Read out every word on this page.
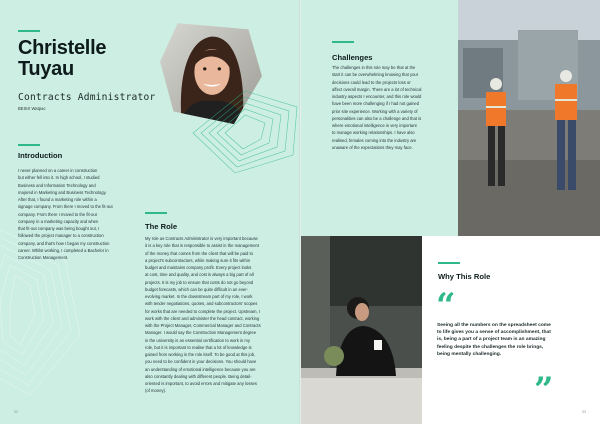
Christelle
Tuyau
Contracts Administrator
BESIX Watpac
Introduction
I never planned on a career in construction
but either fell into it. In high school, I studied
Business and Information Technology and
majored in Marketing and Business Technology.
After that, I found a marketing role within a
signage company. From there I moved to the fit-out
company. From there I moved to the fit-out
company in a marketing capacity and when
that fit-out company was being bought out, I
followed the project manager to a construction
company, and that's how I began my construction
career. Whilst working, I completed a Bachelor in
Construction Management.
The Role
My role as Contracts Administrator is very important because
it is a key role that is responsible to assist in the management
of the money that comes from the client that will be paid to
a project's subcontractors, while making sure it fits within
budget and maintains company profit. Every project looks
at cost, time and quality, and cost is always a big part of all
projects. It is my job to ensure that costs do not go beyond
budget forecasts, which can be quite difficult in an ever-
evolving market. In the downstream part of my role, I work
with tender negotiations, quotes, and subcontractors' scopes
for works that are needed to complete the project. Upstream, I
work with the client and administer the head contract, working
with the Project Manager, Commercial Manager and Contracts
Manager. I would say the Construction Management degree
in the university is an essential certification to work in my
role, but it is important to realise that a lot of knowledge is
gained from working in the role itself. To be good at this job,
you need to be confident in your decisions. You should have
an understanding of emotional intelligence because you are
also constantly dealing with different people. Being detail-
oriented is important, to avoid errors and mitigate any losses
(of money).
32
Challenges
The challenges in this role may be that at the
start it can be overwhelming knowing that your
decisions could lead to the projects loss or
affect overall margin. There are a lot of technical
industry aspects I encounter, and this role would
have been more challenging if I had not gained
prior site experience. Working with a variety of
personalities can also be a challenge and that is
where emotional intelligence is very important
to manage working relationships. I have also
realised, females coming into the industry are
unaware of the expectations they may face.
Why This Role
“
Seeing all the numbers on the spreadsheet come
to life gives you a sense of accomplishment, that
is, being a part of a project team is an amazing
feeling despite the challenges the role brings,
being mentally challenging.
”
33
